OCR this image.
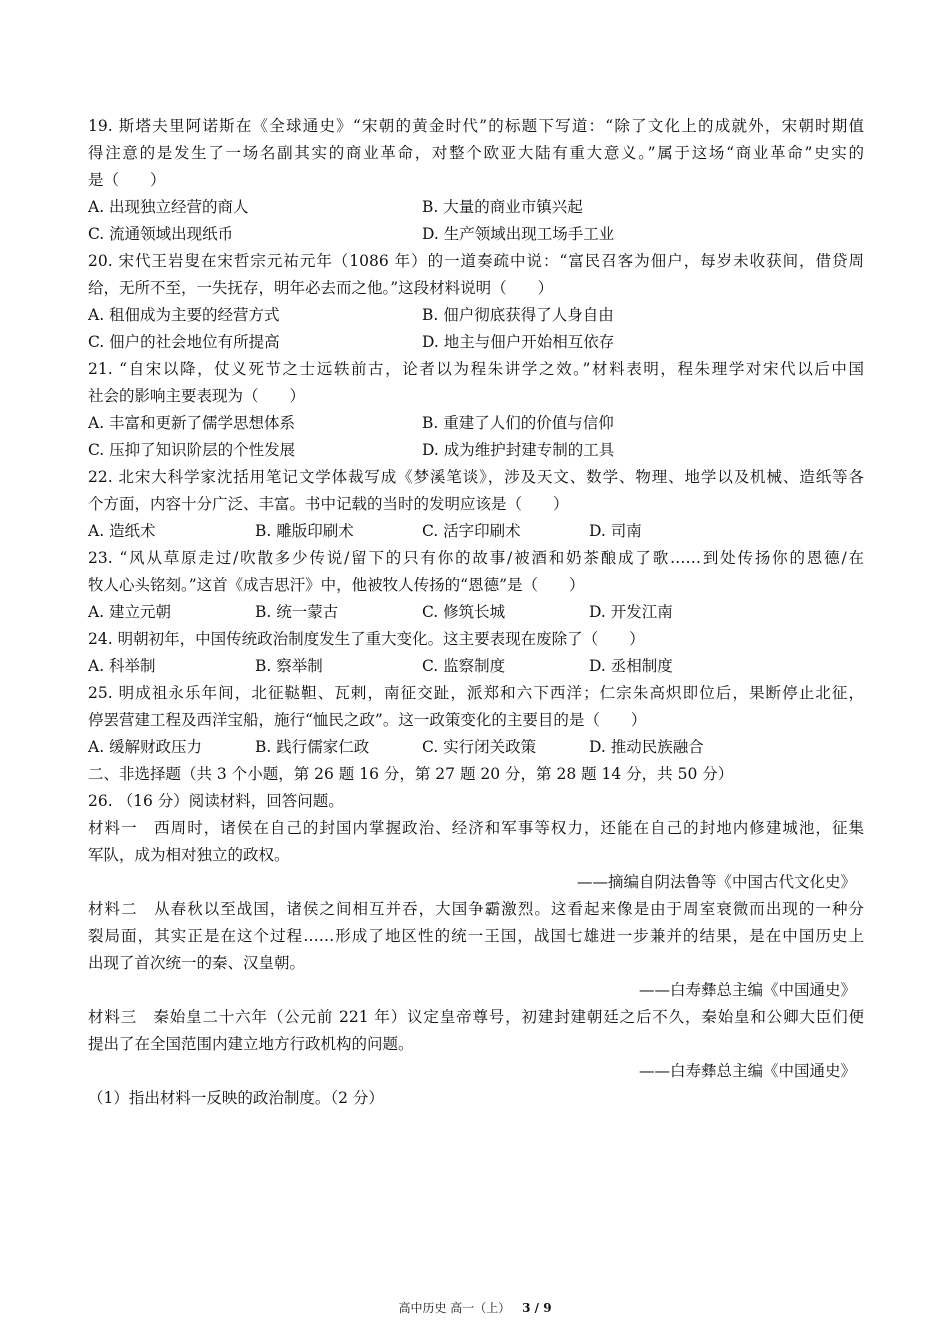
19. 斯塔夫里阿诺斯在《全球通史》“宋朝的黄金时代”的标题下写道：“除了文化上的成就外，宋朝时期值
得注意的是发生了一场名副其实的商业革命，对整个欧亚大陆有重大意义。”属于这场“商业革命”史实的
是（　　）
A. 出现独立经营的商人	B. 大量的商业市镇兴起
C. 流通领域出现纸币	D. 生产领域出现工场手工业
20. 宋代王岩叟在宋哲宗元祐元年（1086 年）的一道奏疏中说：“富民召客为佃户，每岁未收获间，借贷周
给，无所不至，一失抚存，明年必去而之他。”这段材料说明（　　）
A. 租佃成为主要的经营方式	B. 佃户彻底获得了人身自由
C. 佃户的社会地位有所提高	D. 地主与佃户开始相互依存
21. “自宋以降，仗义死节之士远轶前古，论者以为程朱讲学之效。”材料表明，程朱理学对宋代以后中国
社会的影响主要表现为（　　）
A. 丰富和更新了儒学思想体系	B. 重建了人们的价值与信仰
C. 压抑了知识阶层的个性发展	D. 成为维护封建专制的工具
22. 北宋大科学家沈括用笔记文学体裁写成《梦溪笔谈》，涉及天文、数学、物理、地学以及机械、造纸等各
个方面，内容十分广泛、丰富。书中记载的当时的发明应该是（　　）
A. 造纸术	B. 雕版印刷术	C. 活字印刷术	D. 司南
23. “风从草原走过/吹散多少传说/留下的只有你的故事/被酒和奶茶酿成了歌……到处传扬你的恩德/在
牧人心头铭刻。”这首《成吉思汗》中，他被牧人传扬的“恩德”是（　　）
A. 建立元朝	B. 统一蒙古	C. 修筑长城	D. 开发江南
24. 明朝初年，中国传统政治制度发生了重大变化。这主要表现在废除了（　　）
A. 科举制	B. 察举制	C. 监察制度	D. 丞相制度
25. 明成祖永乐年间，北征鞑靼、瓦剌，南征交趾，派郑和六下西洋；仁宗朱高炽即位后，果断停止北征，
停罢营建工程及西洋宝船，施行“恤民之政”。这一政策变化的主要目的是（　　）
A. 缓解财政压力	B. 践行儒家仁政	C. 实行闭关政策	D. 推动民族融合
二、非选择题（共 3 个小题，第 26 题 16 分，第 27 题 20 分，第 28 题 14 分，共 50 分）
26. （16 分）阅读材料，回答问题。
材料一　西周时，诸侯在自己的封国内掌握政治、经济和军事等权力，还能在自己的封地内修建城池，征集
军队，成为相对独立的政权。
——摘编自阴法鲁等《中国古代文化史》
材料二　从春秋以至战国，诸侯之间相互并吞，大国争霸激烈。这看起来像是由于周室衰微而出现的一种分
裂局面，其实正是在这个过程……形成了地区性的统一王国，战国七雄进一步兼并的结果，是在中国历史上
出现了首次统一的秦、汉皇朝。
——白寿彝总主编《中国通史》
材料三　秦始皇二十六年（公元前 221 年）议定皇帝尊号，初建封建朝廷之后不久，秦始皇和公卿大臣们便
提出了在全国范围内建立地方行政机构的问题。
——白寿彝总主编《中国通史》
（1）指出材料一反映的政治制度。（2 分）
高中历史 高一（上） 3 / 9
